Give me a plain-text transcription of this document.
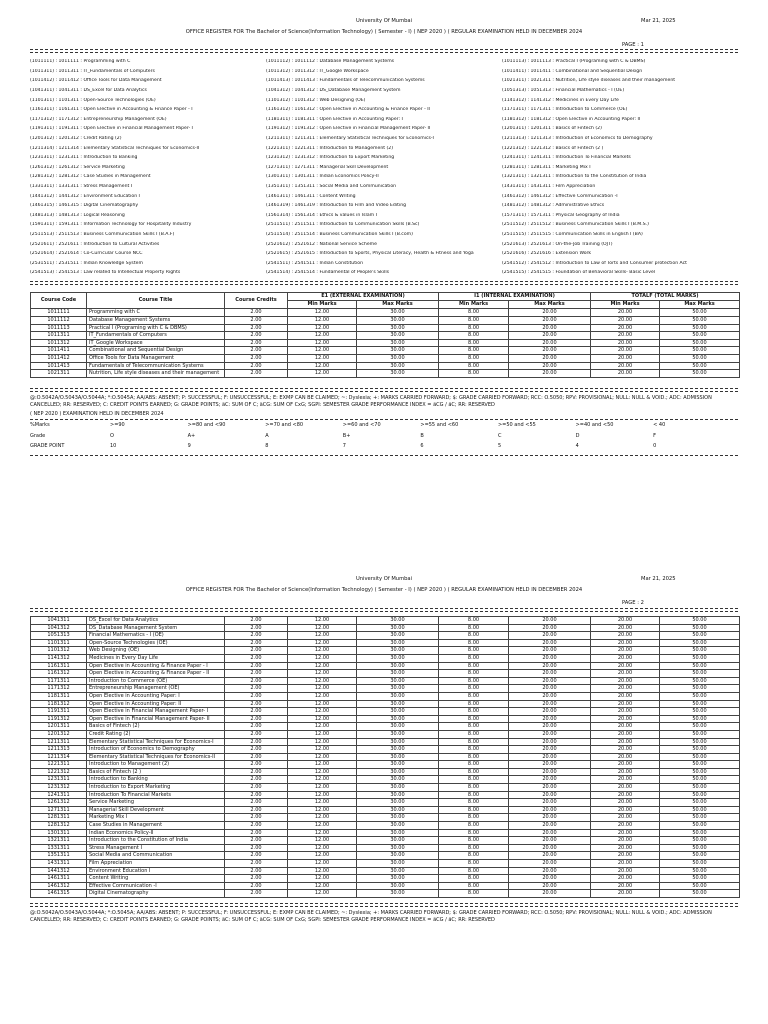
University Of Mumbai	Mar 21, 2025
OFFICE REGISTER FOR The Bachelor of Science(Information Technology) ( Semester - I) ( NEP 2020 ) ( REGULAR EXAMINATION HELD IN DECEMBER 2024
PAGE : 1
(1011111) : 1011111 : Programming with C	(1011112) : 1011112 : Database Management Systems	(1011113) : 1011113 : Practical I (Programing with C & DBMS)
(1011311) : 1011311 : IT_Fundamentals of Computers	(1011312) : 1011312 : IT_Google Workspace	(1011411) : 1011411 : Combinational and Sequential Design
(1011412) : 1011412 : Office Tools for Data Management	(1011413) : 1011413 : Fundamentals of Telecommunication Systems	(1021311) : 1021311 : Nutrition, Life style diseases and their management
(1041311) : 1041311 : DS_Excel for Data Analytics	(1041312) : 1041312 : DS_Database Management System	(1051313) : 1051313 : Financial Mathematics - I (OE)
(1101311) : 1101311 : Open-Source Technologies (OE)	(1101312) : 1101312 : Web Designing (OE)	(1141312) : 1141312 : Medicines in Every Day Life
(1161311) : 1161311 : Open Elective in Accounting & Finance Paper - I	(1161312) : 1161312 : Open Elective in Accounting & Finance Paper - II	(1171311) : 1171311 : Introduction to Commerce (OE)
(1171312) : 1171312 : Entrepreneurship Management (OE)	(1181311) : 1181311 : Open Elective in Accounting Paper: I	(1181312) : 1181312 : Open Elective in Accounting Paper: II
(1191311) : 1191311 : Open Elective in Financial Management Paper- I	(1191312) : 1191312 : Open Elective in Financial Management Paper- II	(1201311) : 1201311 : Basics of Fintech (2)
(1201312) : 1201312 : Credit Rating (2)	(1211311) : 1211311 : Elementary Statistical Techniques for Economics-I	(1211313) : 1211313 : Introduction of Economics to Demography
(1211314) : 1211314 : Elementary Statistical Techniques for Economics-II	(1221311) : 1221311 : Introduction to Management (2)	(1221312) : 1221312 : Basics of Fintech (2 )
(1231311) : 1231311 : Introduction to Banking	(1231312) : 1231312 : Introduction to Export Marketing	(1241311) : 1241311 : Introduction To Financial Markets
(1261312) : 1261312 : Service Marketing	(1271311) : 1271311 : Managerial Skill Development	(1281311) : 1281311 : Marketing Mix I
(1281312) : 1281312 : Case Studies in Management	(1301311) : 1301311 : Indian Economics Policy-II	(1321311) : 1321311 : Introduction to the Constitution of India
(1331311) : 1331311 : Stress Management I	(1351311) : 1351311 : Social Media and Communication	(1431311) : 1431311 : Film Appreciation
(1441312) : 1441312 : Environment Education I	(1461311) : 1461311 : Content Writing	(1461312) : 1461312 : Effective Communication -I
(1461315) : 1461315 : Digital Cinematography	(1461319) : 1461319 : Introduction to Film and Video Editing	(1481312) : 1481312 : Administrative Ethics
(1481313) : 1481313 : Logical Reasoning	(1561314) : 1561314 : Ethics & values in Islam I	(1571311) : 1571311 : Physical Geography of India
(1591311) : 1591311 : Information Technology for Hospitality Industry	(2511511) : 2511511 : Introduction to Communication Skills (B.Sc)	(2511512) : 2511512 : Business Communication Skills I (B.M.S.)
(2511513) : 2511513 : Business Communication Skills I (B.A.F)	(2511514) : 2511514 : Business Communication Skills I (B.com)	(2511515) : 2511515 : Communication Skills in English I (BA)
(2521611) : 2521611 : Introduction to Cultural Activities	(2521612) : 2521612 : National Service Scheme	(2521613) : 2521613 : On-the-Job Training (OJT)
(2521614) : 2521614 : Co-Curricular Course NCC	(2521615) : 2521615 : Introduction to Sports, Physical Literacy, Health & Fitness and Yoga	(2521616) : 2521616 : Extension Work
(2531511) : 2531511 : Indian Knowledge System	(2541511) : 2541511 : Indian Constitution	(2541512) : 2541512 : Introduction to Law of Torts and Consumer protection Act
(2541513) : 2541513 : Law related to Intellectual Property Rights	(2541514) : 2541514 : Fundamental of People's Skills	(2541515) : 2541515 : Foundation of Behavioral Skills- Basic Level
Course Code	Course Title	Course Credits	E1 (EXTERNAL EXAMINATION)		I1 (INTERNAL EXAMINATION)		TOTALF (TOTAL MARKS)	
			Min Marks	Max Marks	Min Marks	Max Marks	Min Marks	Max Marks
1011111	Programming with C	2.00	12.00	30.00	8.00	20.00	20.00	50.00
1011112	Database Management Systems	2.00	12.00	30.00	8.00	20.00	20.00	50.00
1011113	Practical I (Programing with C & DBMS)	2.00	12.00	30.00	8.00	20.00	20.00	50.00
1011311	IT_Fundamentals of Computers	2.00	12.00	30.00	8.00	20.00	20.00	50.00
1011312	IT_Google Workspace	2.00	12.00	30.00	8.00	20.00	20.00	50.00
1011411	Combinational and Sequential Design	2.00	12.00	30.00	8.00	20.00	20.00	50.00
1011412	Office Tools for Data Management	2.00	12.00	30.00	8.00	20.00	20.00	50.00
1011413	Fundamentals of Telecommunication Systems	2.00	12.00	30.00	8.00	20.00	20.00	50.00
1021311	Nutrition, Life style diseases and their management	2.00	12.00	30.00	8.00	20.00	20.00	50.00
@:O.5042A/O.5043A/O.5044A; *:O.5045A; AA/ABS: ABSENT; P: SUCCESSFUL; F: UNSUCCESSFUL; E: EXMP CAN BE CLAIMED; ~: Dyslexia; +: MARKS CARRIED FORWARD; $: GRADE CARRIED FORWARD; RCC: O.5050; RPV: PROVISIONAL; NULL: NULL & VOID.; ADC: ADMISSION CANCELLED; RR: RESERVED; C: CREDIT POINTS EARNED; G: GRADE POINTS; äC: SUM OF C; äCG: SUM OF CxG; SGPI: SEMESTER GRADE PERFORMANCE INDEX = äCG / äC; RR: RESERVED
( NEP 2020 ) EXAMINATION HELD IN DECEMBER 2024
%Marks	>=90	>=80 and <90	>=70 and <80	>=60 and <70	>=55 and <60	>=50 and <55	>=40 and <50	< 40
Grade	O	A+	A	B+	B	C	D	F
GRADE POINT	10	9	8	7	6	5	4	0
University Of Mumbai	Mar 21, 2025
OFFICE REGISTER FOR The Bachelor of Science(Information Technology) ( Semester - I) ( NEP 2020 ) ( REGULAR EXAMINATION HELD IN DECEMBER 2024
PAGE : 2
1041311	DS_Excel for Data Analytics	2.00	12.00	30.00	8.00	20.00	20.00	50.00
1041312	DS_Database Management System	2.00	12.00	30.00	8.00	20.00	20.00	50.00
1051313	Financial Mathematics - I (OE)	2.00	12.00	30.00	8.00	20.00	20.00	50.00
1101311	Open-Source Technologies (OE)	2.00	12.00	30.00	8.00	20.00	20.00	50.00
1101312	Web Designing (OE)	2.00	12.00	30.00	8.00	20.00	20.00	50.00
1141312	Medicines in Every Day Life	2.00	12.00	30.00	8.00	20.00	20.00	50.00
1161311	Open Elective in Accounting & Finance Paper - I	2.00	12.00	30.00	8.00	20.00	20.00	50.00
1161312	Open Elective in Accounting & Finance Paper - II	2.00	12.00	30.00	8.00	20.00	20.00	50.00
1171311	Introduction to Commerce (OE)	2.00	12.00	30.00	8.00	20.00	20.00	50.00
1171312	Entrepreneurship Management (OE)	2.00	12.00	30.00	8.00	20.00	20.00	50.00
1181311	Open Elective in Accounting Paper: I	2.00	12.00	30.00	8.00	20.00	20.00	50.00
1181312	Open Elective in Accounting Paper: II	2.00	12.00	30.00	8.00	20.00	20.00	50.00
1191311	Open Elective in Financial Management Paper- I	2.00	12.00	30.00	8.00	20.00	20.00	50.00
1191312	Open Elective in Financial Management Paper- II	2.00	12.00	30.00	8.00	20.00	20.00	50.00
1201311	Basics of Fintech (2)	2.00	12.00	30.00	8.00	20.00	20.00	50.00
1201312	Credit Rating (2)	2.00	12.00	30.00	8.00	20.00	20.00	50.00
1211311	Elementary Statistical Techniques for Economics-I	2.00	12.00	30.00	8.00	20.00	20.00	50.00
1211313	Introduction of Economics to Demography	2.00	12.00	30.00	8.00	20.00	20.00	50.00
1211314	Elementary Statistical Techniques for Economics-II	2.00	12.00	30.00	8.00	20.00	20.00	50.00
1221311	Introduction to Management (2)	2.00	12.00	30.00	8.00	20.00	20.00	50.00
1221312	Basics of Fintech (2 )	2.00	12.00	30.00	8.00	20.00	20.00	50.00
1231311	Introduction to Banking	2.00	12.00	30.00	8.00	20.00	20.00	50.00
1231312	Introduction to Export Marketing	2.00	12.00	30.00	8.00	20.00	20.00	50.00
1241311	Introduction To Financial Markets	2.00	12.00	30.00	8.00	20.00	20.00	50.00
1261312	Service Marketing	2.00	12.00	30.00	8.00	20.00	20.00	50.00
1271311	Managerial Skill Development	2.00	12.00	30.00	8.00	20.00	20.00	50.00
1281311	Marketing Mix I	2.00	12.00	30.00	8.00	20.00	20.00	50.00
1281312	Case Studies in Management	2.00	12.00	30.00	8.00	20.00	20.00	50.00
1301311	Indian Economics Policy-II	2.00	12.00	30.00	8.00	20.00	20.00	50.00
1321311	Introduction to the Constitution of India	2.00	12.00	30.00	8.00	20.00	20.00	50.00
1331311	Stress Management I	2.00	12.00	30.00	8.00	20.00	20.00	50.00
1351311	Social Media and Communication	2.00	12.00	30.00	8.00	20.00	20.00	50.00
1431311	Film Appreciation	2.00	12.00	30.00	8.00	20.00	20.00	50.00
1441312	Environment Education I	2.00	12.00	30.00	8.00	20.00	20.00	50.00
1461311	Content Writing	2.00	12.00	30.00	8.00	20.00	20.00	50.00
1461312	Effective Communication -I	2.00	12.00	30.00	8.00	20.00	20.00	50.00
1461315	Digital Cinematography	2.00	12.00	30.00	8.00	20.00	20.00	50.00
@:O.5042A/O.5043A/O.5044A; *:O.5045A; AA/ABS: ABSENT; P: SUCCESSFUL; F: UNSUCCESSFUL; E: EXMP CAN BE CLAIMED; ~: Dyslexia; +: MARKS CARRIED FORWARD; $: GRADE CARRIED FORWARD; RCC: O.5050; RPV: PROVISIONAL; NULL: NULL & VOID.; ADC: ADMISSION CANCELLED; RR: RESERVED; C: CREDIT POINTS EARNED; G: GRADE POINTS; äC: SUM OF C; äCG: SUM OF CxG; SGPI: SEMESTER GRADE PERFORMANCE INDEX = äCG / äC; RR: RESERVED
